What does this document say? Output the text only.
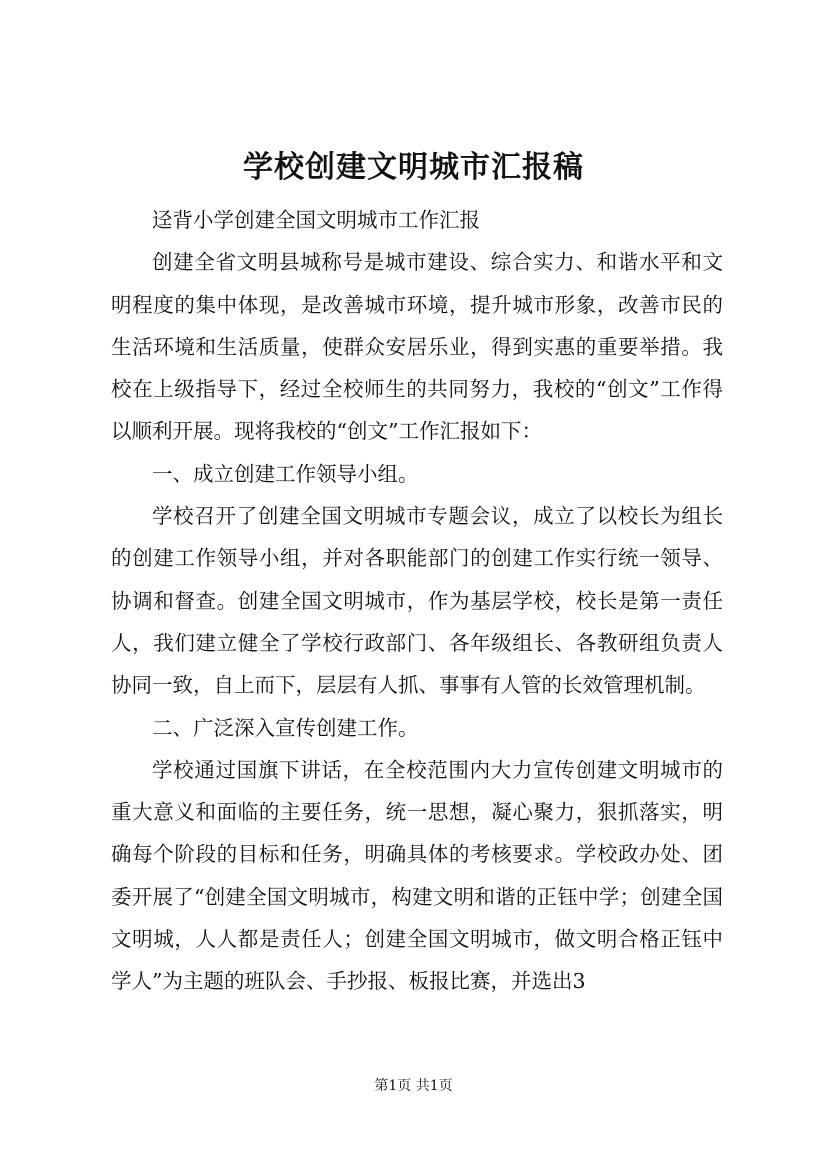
学校创建文明城市汇报稿

迳背小学创建全国文明城市工作汇报

创建全省文明县城称号是城市建设、综合实力、和谐水平和文明程度的集中体现，是改善城市环境，提升城市形象，改善市民的生活环境和生活质量，使群众安居乐业，得到实惠的重要举措。我校在上级指导下，经过全校师生的共同努力，我校的“创文”工作得以顺利开展。现将我校的“创文”工作汇报如下：

一、成立创建工作领导小组。

学校召开了创建全国文明城市专题会议，成立了以校长为组长的创建工作领导小组，并对各职能部门的创建工作实行统一领导、协调和督查。创建全国文明城市，作为基层学校，校长是第一责任人，我们建立健全了学校行政部门、各年级组长、各教研组负责人协同一致，自上而下，层层有人抓、事事有人管的长效管理机制。

二、广泛深入宣传创建工作。

学校通过国旗下讲话，在全校范围内大力宣传创建文明城市的重大意义和面临的主要任务，统一思想，凝心聚力，狠抓落实，明确每个阶段的目标和任务，明确具体的考核要求。学校政办处、团委开展了“创建全国文明城市，构建文明和谐的正钰中学；创建全国文明城，人人都是责任人；创建全国文明城市，做文明合格正钰中学人”为主题的班队会、手抄报、板报比赛，并选出3

第1页 共1页
